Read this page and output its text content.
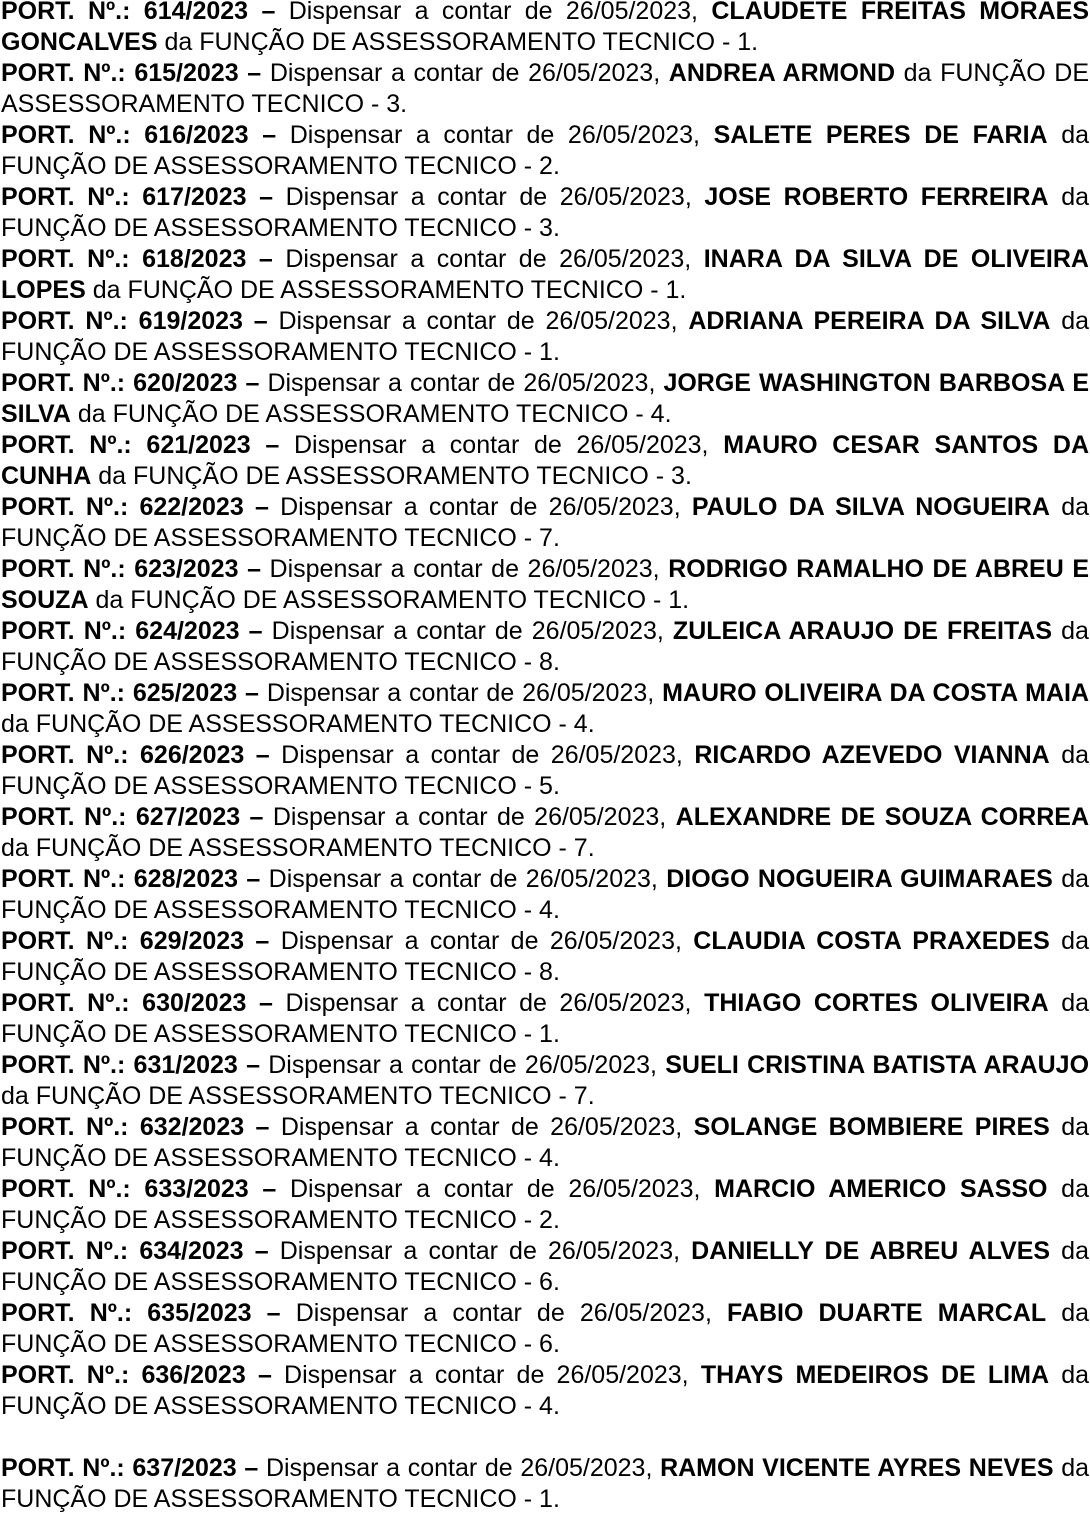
PORT. Nº.: 614/2023 – Dispensar a contar de 26/05/2023, CLAUDETE FREITAS MORAES GONCALVES da FUNÇÃO DE ASSESSORAMENTO TECNICO - 1.

PORT. Nº.: 615/2023 – Dispensar a contar de 26/05/2023, ANDREA ARMOND da FUNÇÃO DE ASSESSORAMENTO TECNICO - 3.

PORT. Nº.: 616/2023 – Dispensar a contar de 26/05/2023, SALETE PERES DE FARIA da FUNÇÃO DE ASSESSORAMENTO TECNICO - 2.

PORT. Nº.: 617/2023 – Dispensar a contar de 26/05/2023, JOSE ROBERTO FERREIRA da FUNÇÃO DE ASSESSORAMENTO TECNICO - 3.

PORT. Nº.: 618/2023 – Dispensar a contar de 26/05/2023, INARA DA SILVA DE OLIVEIRA LOPES da FUNÇÃO DE ASSESSORAMENTO TECNICO - 1.

PORT. Nº.: 619/2023 – Dispensar a contar de 26/05/2023, ADRIANA PEREIRA DA SILVA da FUNÇÃO DE ASSESSORAMENTO TECNICO - 1.

PORT. Nº.: 620/2023 – Dispensar a contar de 26/05/2023, JORGE WASHINGTON BARBOSA E SILVA da FUNÇÃO DE ASSESSORAMENTO TECNICO - 4.

PORT. Nº.: 621/2023 – Dispensar a contar de 26/05/2023, MAURO CESAR SANTOS DA CUNHA da FUNÇÃO DE ASSESSORAMENTO TECNICO - 3.

PORT. Nº.: 622/2023 – Dispensar a contar de 26/05/2023, PAULO DA SILVA NOGUEIRA da FUNÇÃO DE ASSESSORAMENTO TECNICO - 7.

PORT. Nº.: 623/2023 – Dispensar a contar de 26/05/2023, RODRIGO RAMALHO DE ABREU E SOUZA da FUNÇÃO DE ASSESSORAMENTO TECNICO - 1.

PORT. Nº.: 624/2023 – Dispensar a contar de 26/05/2023, ZULEICA ARAUJO DE FREITAS da FUNÇÃO DE ASSESSORAMENTO TECNICO - 8.

PORT. Nº.: 625/2023 – Dispensar a contar de 26/05/2023, MAURO OLIVEIRA DA COSTA MAIA da FUNÇÃO DE ASSESSORAMENTO TECNICO - 4.

PORT. Nº.: 626/2023 – Dispensar a contar de 26/05/2023, RICARDO AZEVEDO VIANNA da FUNÇÃO DE ASSESSORAMENTO TECNICO - 5.

PORT. Nº.: 627/2023 – Dispensar a contar de 26/05/2023, ALEXANDRE DE SOUZA CORREA da FUNÇÃO DE ASSESSORAMENTO TECNICO - 7.

PORT. Nº.: 628/2023 – Dispensar a contar de 26/05/2023, DIOGO NOGUEIRA GUIMARAES da FUNÇÃO DE ASSESSORAMENTO TECNICO - 4.

PORT. Nº.: 629/2023 – Dispensar a contar de 26/05/2023, CLAUDIA COSTA PRAXEDES da FUNÇÃO DE ASSESSORAMENTO TECNICO - 8.

PORT. Nº.: 630/2023 – Dispensar a contar de 26/05/2023, THIAGO CORTES OLIVEIRA da FUNÇÃO DE ASSESSORAMENTO TECNICO - 1.

PORT. Nº.: 631/2023 – Dispensar a contar de 26/05/2023, SUELI CRISTINA BATISTA ARAUJO da FUNÇÃO DE ASSESSORAMENTO TECNICO - 7.

PORT. Nº.: 632/2023 – Dispensar a contar de 26/05/2023, SOLANGE BOMBIERE PIRES da FUNÇÃO DE ASSESSORAMENTO TECNICO - 4.

PORT. Nº.: 633/2023 – Dispensar a contar de 26/05/2023, MARCIO AMERICO SASSO da FUNÇÃO DE ASSESSORAMENTO TECNICO - 2.

PORT. Nº.: 634/2023 – Dispensar a contar de 26/05/2023, DANIELLY DE ABREU ALVES da FUNÇÃO DE ASSESSORAMENTO TECNICO - 6.

PORT. Nº.: 635/2023 – Dispensar a contar de 26/05/2023, FABIO DUARTE MARCAL da FUNÇÃO DE ASSESSORAMENTO TECNICO - 6.

PORT. Nº.: 636/2023 – Dispensar a contar de 26/05/2023, THAYS MEDEIROS DE LIMA da FUNÇÃO DE ASSESSORAMENTO TECNICO - 4.

PORT. Nº.: 637/2023 – Dispensar a contar de 26/05/2023, RAMON VICENTE AYRES NEVES da FUNÇÃO DE ASSESSORAMENTO TECNICO - 1.
